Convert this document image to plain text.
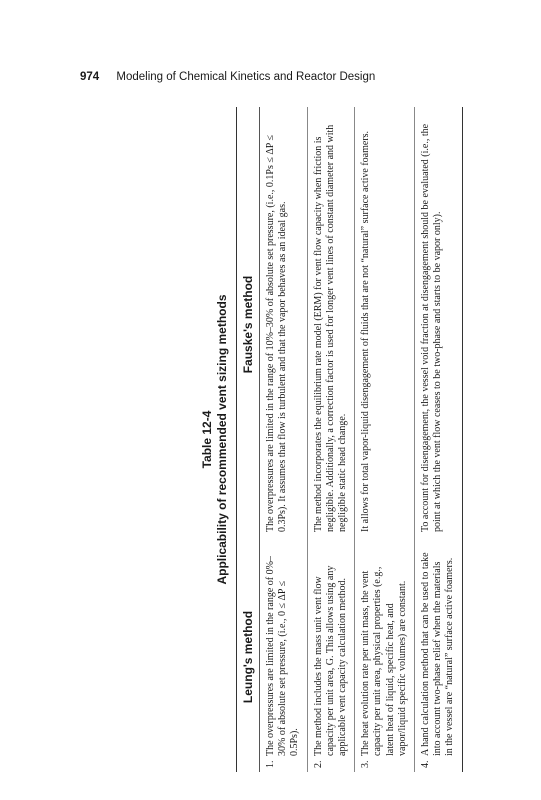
974 Modeling of Chemical Kinetics and Reactor Design
Table 12-4 Applicability of recommended vent sizing methods
Leung's method
Fauske's method
1.
The overpressures are limited in the range of 0%–30% of absolute set pressure, (i.e., 0 ≤ ΔP ≤ 0.5Ps).
The overpressures are limited in the range of 10%–30% of absolute set pressure, (i.e., 0.1Ps ≤ ΔP ≤ 0.3Ps). It assumes that flow is turbulent and that the vapor behaves as an ideal gas.
2.
The method includes the mass unit vent flow capacity per unit area, G. This allows using any applicable vent capacity calculation method.
The method incorporates the equilibrium rate model (ERM) for vent flow capacity when friction is negligible. Additionally, a correction factor is used for longer vent lines of constant diameter and with negligible static head change.
3.
The heat evolution rate per unit mass, the vent capacity per unit area, physical properties (e.g., latent heat of liquid, specific heat, and vapor/liquid specific volumes) are constant.
It allows for total vapor-liquid disengagement of fluids that are not “natural” surface active foamers.
4.
A hand calculation method that can be used to take into account two-phase relief when the materials in the vessel are “natural” surface active foamers.
To account for disengagement, the vessel void fraction at disengagement should be evaluated (i.e., the point at which the vent flow ceases to be two-phase and starts to be vapor only).
